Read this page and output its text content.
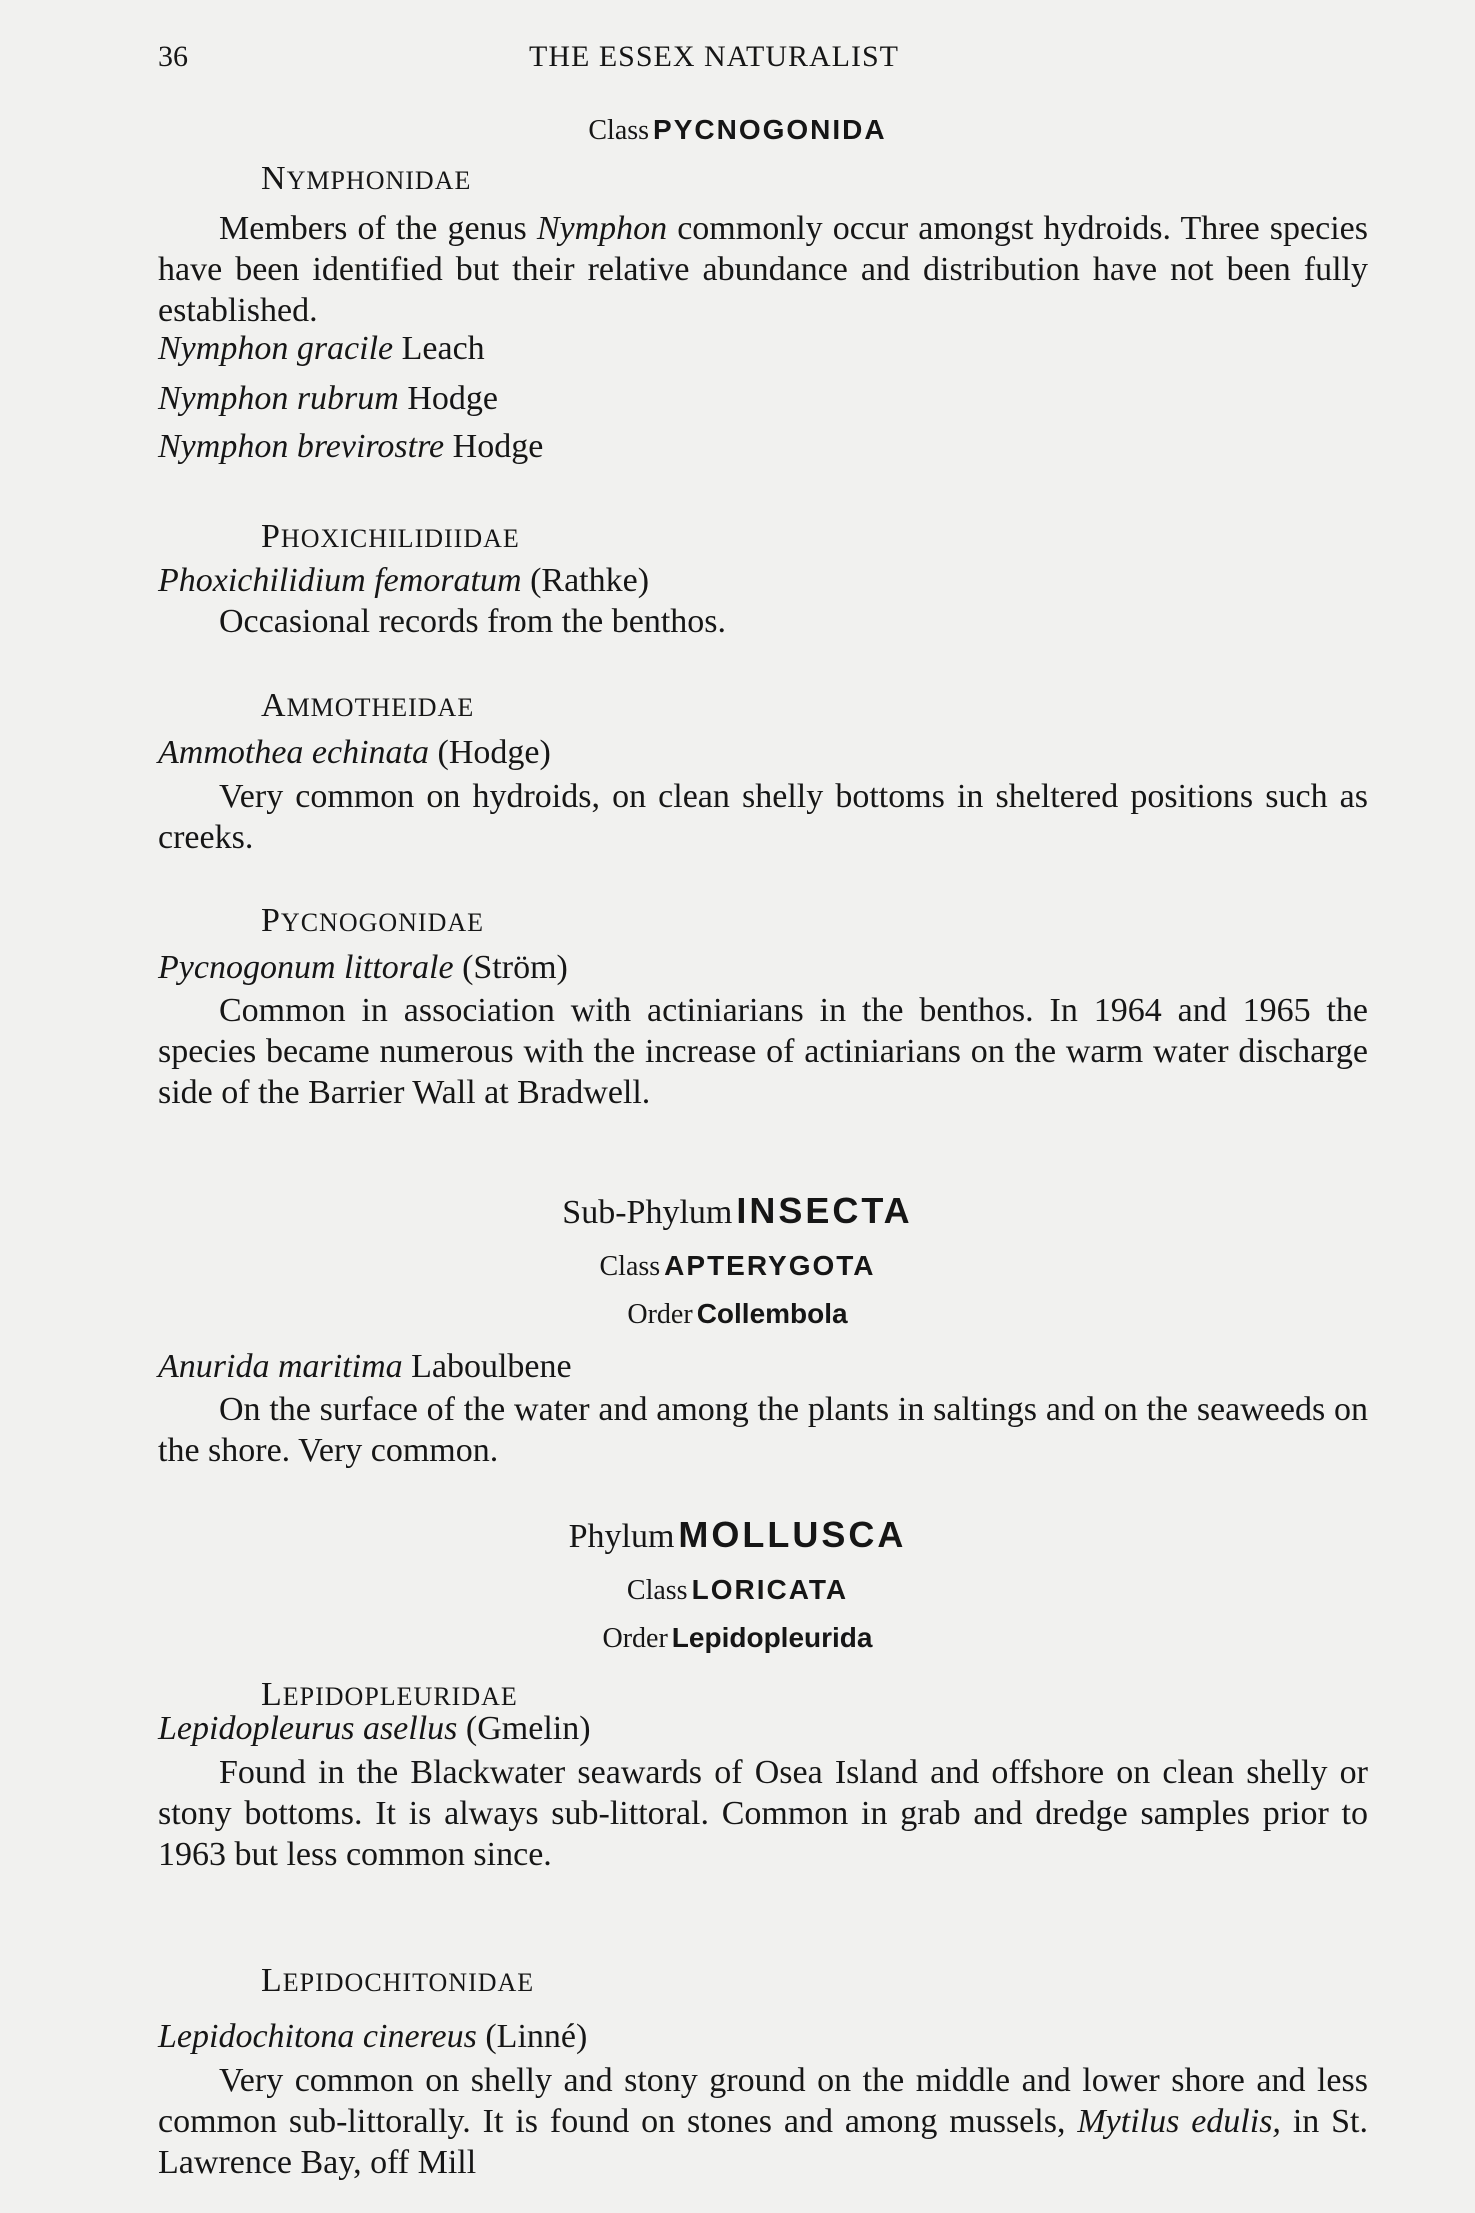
36	THE ESSEX NATURALIST
Class PYCNOGONIDA
NYMPHONIDAE

Members of the genus Nymphon commonly occur amongst hydroids. Three species have been identified but their relative abundance and distribution have not been fully established.

Nymphon gracile Leach
Nymphon rubrum Hodge
Nymphon brevirostre Hodge
PHOXICHILIDIIDAE
Phoxichilidium femoratum (Rathke)
Occasional records from the benthos.
AMMOTHEIDAE
Ammothea echinata (Hodge)

Very common on hydroids, on clean shelly bottoms in sheltered positions such as creeks.

PYCNOGONIDAE
Pycnogonum littorale (Ström)

Common in association with actiniarians in the benthos. In 1964 and 1965 the species became numerous with the increase of actiniarians on the warm water discharge side of the Barrier Wall at Bradwell.

Sub-Phylum INSECTA
Class APTERYGOTA
Order Collembola
Anurida maritima Laboulbene

On the surface of the water and among the plants in saltings and on the seaweeds on the shore. Very common.

Phylum MOLLUSCA
Class LORICATA
Order Lepidopleurida
LEPIDOPLEURIDAE
Lepidopleurus asellus (Gmelin)

Found in the Blackwater seawards of Osea Island and offshore on clean shelly or stony bottoms. It is always sub-littoral. Common in grab and dredge samples prior to 1963 but less common since.

LEPIDOCHITONIDAE
Lepidochitona cinereus (Linné)

Very common on shelly and stony ground on the middle and lower shore and less common sub-littorally. It is found on stones and among mussels, Mytilus edulis, in St. Lawrence Bay, off Mill
